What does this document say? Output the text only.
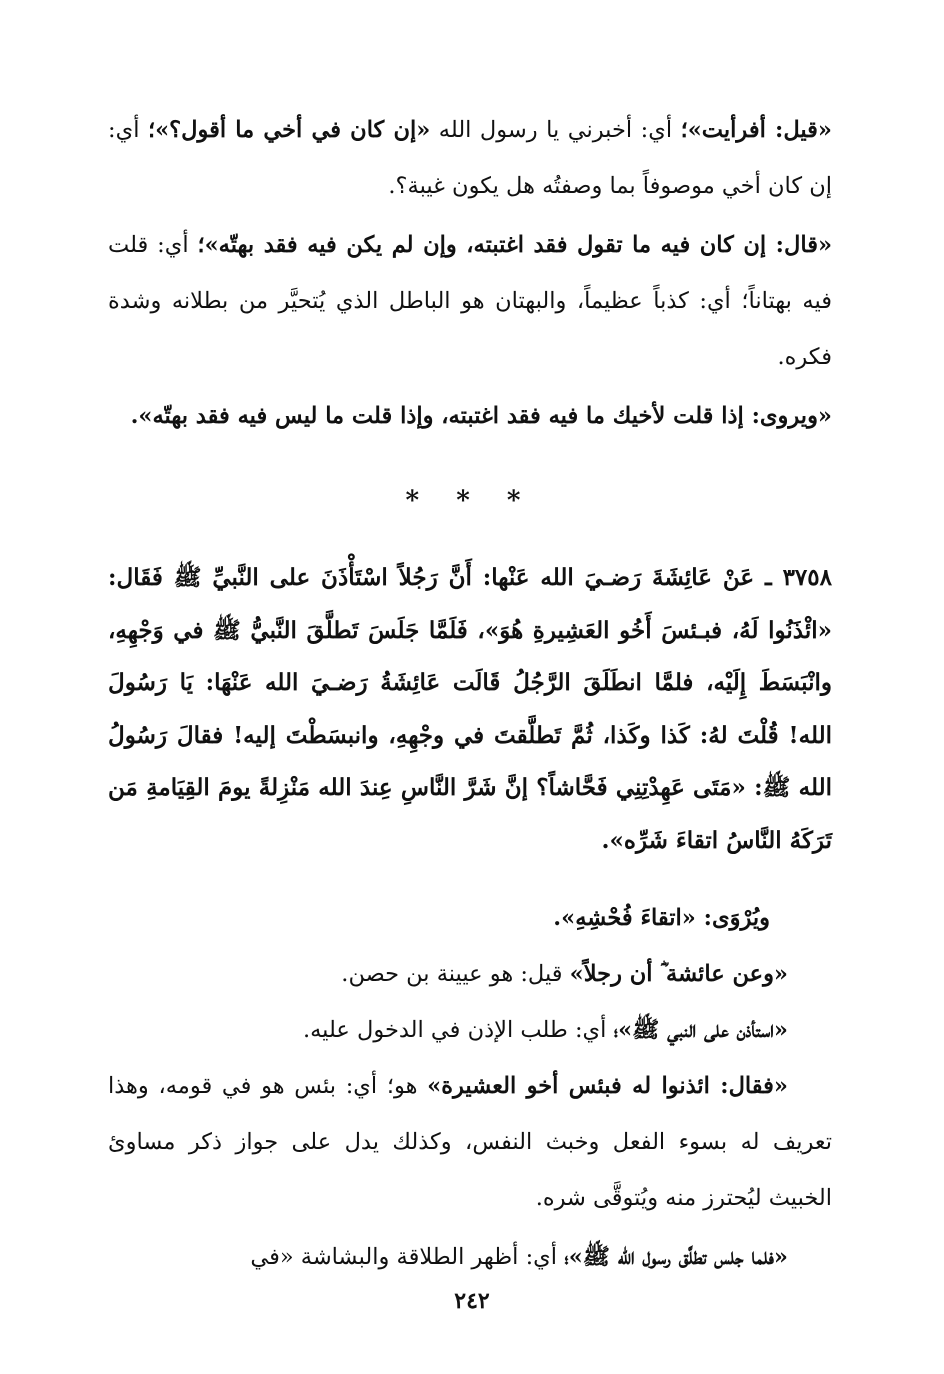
«قيل: أفرأيت»؛ أي: أخبرني يا رسول الله «إن كان في أخي ما أقول؟»؛ أي: إن كان أخي موصوفاً بما وصفتُه هل يكون غيبة؟.

«قال: إن كان فيه ما تقول فقد اغتبته، وإن لم يكن فيه فقد بهتّه»؛ أي: قلت فيه بهتاناً؛ أي: كذباً عظيماً، والبهتان هو الباطل الذي يُتحيَّر من بطلانه وشدة فكره.

«ويروى: إذا قلت لأخيك ما فيه فقد اغتبته، وإذا قلت ما ليس فيه فقد بهتّه».

* * *

٣٧٥٨ ـ عَنْ عَائِشَةَ رَضـيَ الله عَنْها: أَنَّ رَجُلاً اسْتَأْذَنَ على النَّبيِّ ﷺ فَقَال: «ائْذَنُوا لَهُ، فبـئسَ أَخُو العَشِيرةِ هُوَ»، فَلَمَّا جَلَسَ تَطلَّقَ النَّبيُّ ﷺ في وَجْهِهِ، وانْبَسَطَ إِلَيْه، فلمَّا انطَلَقَ الرَّجُلُ قَالَت عَائِشَةُ رَضـيَ الله عَنْهَا: يَا رَسُولَ الله! قُلْتَ لهُ: كَذا وكَذا، ثُمَّ تَطلَّقتَ في وجْهِهِ، وانبسَطْتَ إليه! فقالَ رَسُولُ الله ﷺ: «مَتَى عَهِدْتِنِي فَحَّاشاً؟ إنَّ شَرَّ النَّاسِ عِندَ الله مَنْزِلةً يومَ القِيَامةِ مَن تَرَكَهُ النَّاسُ اتقاءَ شَرِّه».

ويُرْوَى: «اتقاءَ فُحْشِهِ».

«وعن عائشة ؓ أن رجلاً» قيل: هو عيينة بن حصن.

«استأذن على النبي ﷺ»؛ أي: طلب الإذن في الدخول عليه.

«فقال: ائذنوا له فبئس أخو العشيرة» هو؛ أي: بئس هو في قومه، وهذا تعريف له بسوء الفعل وخبث النفس، وكذلك يدل على جواز ذكر مساوئ الخبيث ليُحترز منه ويُتوقَّى شره.

«فلما جلس تطلَّق رسول الله ﷺ»؛ أي: أظهر الطلاقة والبشاشة «في

٢٤٢
